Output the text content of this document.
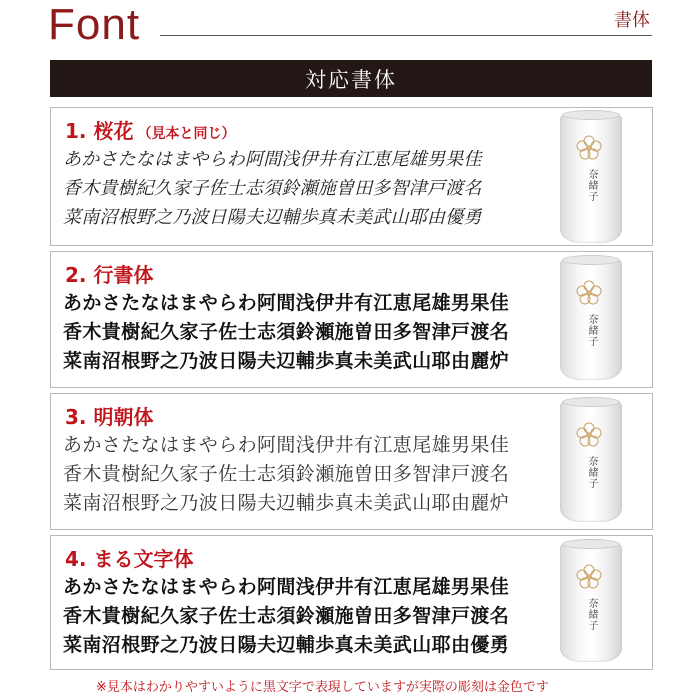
Font	書体
対応書体
1. 桜花 （見本と同じ）
あかさたなはまやらわ阿間浅伊井有江恵尾雄男果佳
香木貴樹紀久家子佐士志須鈴瀬施曽田多智津戸渡名
菜南沼根野之乃波日陽夫辺輔歩真未美武山耶由優勇
奈緒子
2. 行書体
あかさたなはまやらわ阿間浅伊井有江恵尾雄男果佳
香木貴樹紀久家子佐士志須鈴瀬施曽田多智津戸渡名
菜南沼根野之乃波日陽夫辺輔歩真未美武山耶由麗炉
奈緒子
3. 明朝体
あかさたなはまやらわ阿間浅伊井有江恵尾雄男果佳
香木貴樹紀久家子佐士志須鈴瀬施曽田多智津戸渡名
菜南沼根野之乃波日陽夫辺輔歩真未美武山耶由麗炉
奈緒子
4. まる文字体
あかさたなはまやらわ阿間浅伊井有江恵尾雄男果佳
香木貴樹紀久家子佐士志須鈴瀬施曽田多智津戸渡名
菜南沼根野之乃波日陽夫辺輔歩真未美武山耶由優勇
奈緒子
※見本はわかりやすいように黒文字で表現していますが実際の彫刻は金色です
